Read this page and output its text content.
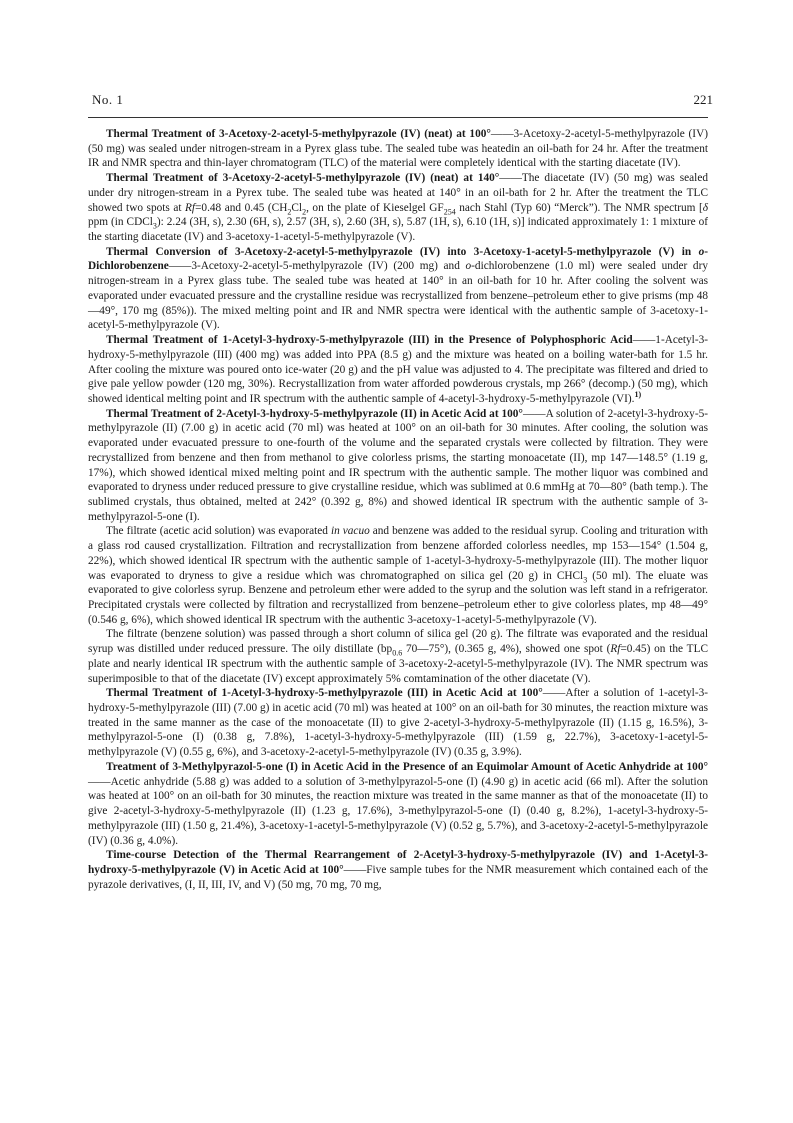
No. 1	221

Thermal Treatment of 3-Acetoxy-2-acetyl-5-methylpyrazole (IV) (neat) at 100°——3-Acetoxy-2-acetyl-5-methylpyrazole (IV) (50 mg) was sealed under nitrogen-stream in a Pyrex glass tube. The sealed tube was heatedin an oil-bath for 24 hr. After the treatment IR and NMR spectra and thin-layer chromatogram (TLC) of the material were completely identical with the starting diacetate (IV).

Thermal Treatment of 3-Acetoxy-2-acetyl-5-methylpyrazole (IV) (neat) at 140°——The diacetate (IV) (50 mg) was sealed under dry nitrogen-stream in a Pyrex tube. The sealed tube was heated at 140° in an oil-bath for 2 hr. After the treatment the TLC showed two spots at Rf=0.48 and 0.45 ($CH_2Cl_2$, on the plate of Kieselgel $GF_{254}$ nach Stahl (Typ 60) “Merck”). The NMR spectrum [δ ppm (in CDCl$_3$): 2.24 (3H, s), 2.30 (6H, s), 2.57 (3H, s), 2.60 (3H, s), 5.87 (1H, s), 6.10 (1H, s)] indicated approximately 1: 1 mixture of the starting diacetate (IV) and 3-acetoxy-1-acetyl-5-methylpyrazole (V).

Thermal Conversion of 3-Acetoxy-2-acetyl-5-methylpyrazole (IV) into 3-Acetoxy-1-acetyl-5-methylpyrazole (V) in o-Dichlorobenzene——3-Acetoxy-2-acetyl-5-methylpyrazole (IV) (200 mg) and o-dichlorobenzene (1.0 ml) were sealed under dry nitrogen-stream in a Pyrex glass tube. The sealed tube was heated at 140° in an oil-bath for 10 hr. After cooling the solvent was evaporated under evacuated pressure and the crystalline residue was recrystallized from benzene–petroleum ether to give prisms (mp 48—49°, 170 mg (85%)). The mixed melting point and IR and NMR spectra were identical with the authentic sample of 3-acetoxy-1-acetyl-5-methylpyrazole (V).

Thermal Treatment of 1-Acetyl-3-hydroxy-5-methylpyrazole (III) in the Presence of Polyphosphoric Acid——1-Acetyl-3-hydroxy-5-methylpyrazole (III) (400 mg) was added into PPA (8.5 g) and the mixture was heated on a boiling water-bath for 1.5 hr. After cooling the mixture was poured onto ice-water (20 g) and the pH value was adjusted to 4. The precipitate was filtered and dried to give pale yellow powder (120 mg, 30%). Recrystallization from water afforded powderous crystals, mp 266° (decomp.) (50 mg), which showed identical melting point and IR spectrum with the authentic sample of 4-acetyl-3-hydroxy-5-methylpyrazole (VI).$^{1)}$

Thermal Treatment of 2-Acetyl-3-hydroxy-5-methylpyrazole (II) in Acetic Acid at 100°——A solution of 2-acetyl-3-hydroxy-5-methylpyrazole (II) (7.00 g) in acetic acid (70 ml) was heated at 100° on an oil-bath for 30 minutes. After cooling, the solution was evaporated under evacuated pressure to one-fourth of the volume and the separated crystals were collected by filtration. They were recrystallized from benzene and then from methanol to give colorless prisms, the starting monoacetate (II), mp 147—148.5° (1.19 g, 17%), which showed identical mixed melting point and IR spectrum with the authentic sample. The mother liquor was combined and evaporated to dryness under reduced pressure to give crystalline residue, which was sublimed at 0.6 mmHg at 70—80° (bath temp.). The sublimed crystals, thus obtained, melted at 242° (0.392 g, 8%) and showed identical IR spectrum with the authentic sample of 3-methylpyrazol-5-one (I).

The filtrate (acetic acid solution) was evaporated in vacuo and benzene was added to the residual syrup. Cooling and trituration with a glass rod caused crystallization. Filtration and recrystallization from benzene afforded colorless needles, mp 153—154° (1.504 g, 22%), which showed identical IR spectrum with the authentic sample of 1-acetyl-3-hydroxy-5-methylpyrazole (III). The mother liquor was evaporated to dryness to give a residue which was chromatographed on silica gel (20 g) in CHCl$_3$ (50 ml). The eluate was evaporated to give colorless syrup. Benzene and petroleum ether were added to the syrup and the solution was left stand in a refrigerator. Precipitated crystals were collected by filtration and recrystallized from benzene–petroleum ether to give colorless plates, mp 48—49° (0.546 g, 6%), which showed identical IR spectrum with the authentic 3-acetoxy-1-acetyl-5-methylpyrazole (V).

The filtrate (benzene solution) was passed through a short column of silica gel (20 g). The filtrate was evaporated and the residual syrup was distilled under reduced pressure. The oily distillate ($bp_{0.6}$ 70—75°), (0.365 g, 4%), showed one spot (Rf=0.45) on the TLC plate and nearly identical IR spectrum with the authentic sample of 3-acetoxy-2-acetyl-5-methylpyrazole (IV). The NMR spectrum was superimposible to that of the diacetate (IV) except approximately 5% comtamination of the other diacetate (V).

Thermal Treatment of 1-Acetyl-3-hydroxy-5-methylpyrazole (III) in Acetic Acid at 100°——After a solution of 1-acetyl-3-hydroxy-5-methylpyrazole (III) (7.00 g) in acetic acid (70 ml) was heated at 100° on an oil-bath for 30 minutes, the reaction mixture was treated in the same manner as the case of the monoacetate (II) to give 2-acetyl-3-hydroxy-5-methylpyrazole (II) (1.15 g, 16.5%), 3-methylpyrazol-5-one (I) (0.38 g, 7.8%), 1-acetyl-3-hydroxy-5-methylpyrazole (III) (1.59 g, 22.7%), 3-acetoxy-1-acetyl-5-methylpyrazole (V) (0.55 g, 6%), and 3-acetoxy-2-acetyl-5-methylpyrazole (IV) (0.35 g, 3.9%).

Treatment of 3-Methylpyrazol-5-one (I) in Acetic Acid in the Presence of an Equimolar Amount of Acetic Anhydride at 100°——Acetic anhydride (5.88 g) was added to a solution of 3-methylpyrazol-5-one (I) (4.90 g) in acetic acid (66 ml). After the solution was heated at 100° on an oil-bath for 30 minutes, the reaction mixture was treated in the same manner as that of the monoacetate (II) to give 2-acetyl-3-hydroxy-5-methylpyrazole (II) (1.23 g, 17.6%), 3-methylpyrazol-5-one (I) (0.40 g, 8.2%), 1-acetyl-3-hydroxy-5-methylpyrazole (III) (1.50 g, 21.4%), 3-acetoxy-1-acetyl-5-methylpyrazole (V) (0.52 g, 5.7%), and 3-acetoxy-2-acetyl-5-methylpyrazole (IV) (0.36 g, 4.0%).

Time-course Detection of the Thermal Rearrangement of 2-Acetyl-3-hydroxy-5-methylpyrazole (IV) and 1-Acetyl-3-hydroxy-5-methylpyrazole (V) in Acetic Acid at 100°——Five sample tubes for the NMR measurement which contained each of the pyrazole derivatives, (I, II, III, IV, and V) (50 mg, 70 mg, 70 mg,
